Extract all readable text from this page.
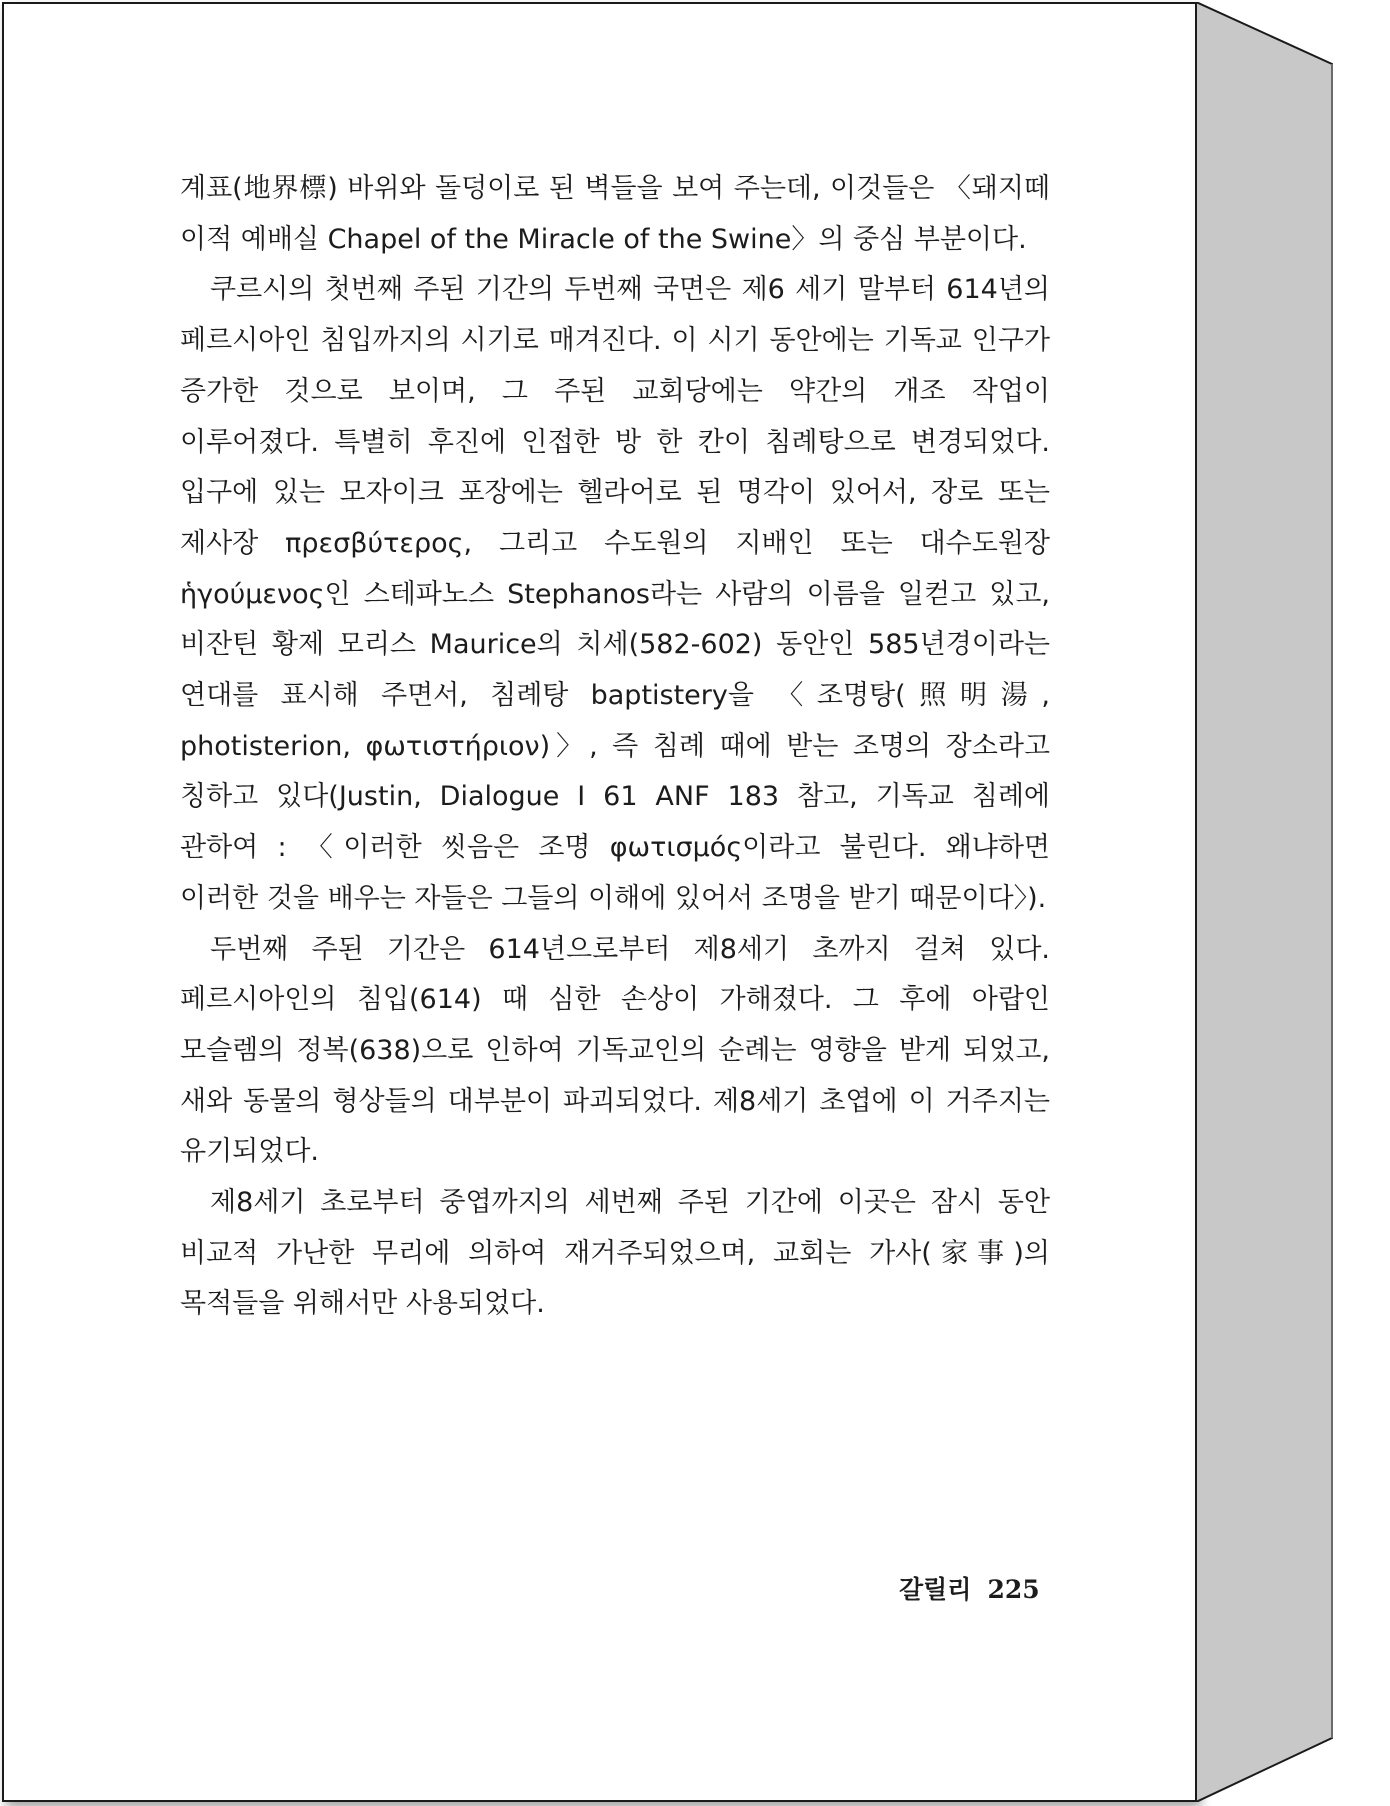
계표(地界標) 바위와 돌덩이로 된 벽들을 보여 주는데, 이것들은 〈돼지떼 이적 예배실 Chapel of the Miracle of the Swine〉의 중심 부분이다.

쿠르시의 첫번째 주된 기간의 두번째 국면은 제6 세기 말부터 614년의 페르시아인 침입까지의 시기로 매겨진다. 이 시기 동안에는 기독교 인구가 증가한 것으로 보이며, 그 주된 교회당에는 약간의 개조 작업이 이루어졌다. 특별히 후진에 인접한 방 한 칸이 침례탕으로 변경되었다. 입구에 있는 모자이크 포장에는 헬라어로 된 명각이 있어서, 장로 또는 제사장 πρεσβύτερος, 그리고 수도원의 지배인 또는 대수도원장 ἡγούμενος인 스테파노스 Stephanos라는 사람의 이름을 일컫고 있고, 비잔틴 황제 모리스 Maurice의 치세(582-602) 동안인 585년경이라는 연대를 표시해 주면서, 침례탕 baptistery을 〈조명탕(照明湯, photisterion, φωτιστήριον)〉, 즉 침례 때에 받는 조명의 장소라고 칭하고 있다(Justin, Dialogue I 61 ANF 183 참고, 기독교 침례에 관하여 : 〈이러한 씻음은 조명 φωτισμός이라고 불린다. 왜냐하면 이러한 것을 배우는 자들은 그들의 이해에 있어서 조명을 받기 때문이다〉).

두번째 주된 기간은 614년으로부터 제8세기 초까지 걸쳐 있다. 페르시아인의 침입(614) 때 심한 손상이 가해졌다. 그 후에 아랍인 모슬렘의 정복(638)으로 인하여 기독교인의 순례는 영향을 받게 되었고, 새와 동물의 형상들의 대부분이 파괴되었다. 제8세기 초엽에 이 거주지는 유기되었다.

제8세기 초로부터 중엽까지의 세번째 주된 기간에 이곳은 잠시 동안 비교적 가난한 무리에 의하여 재거주되었으며, 교회는 가사(家事)의 목적들을 위해서만 사용되었다.

갈릴리 225
